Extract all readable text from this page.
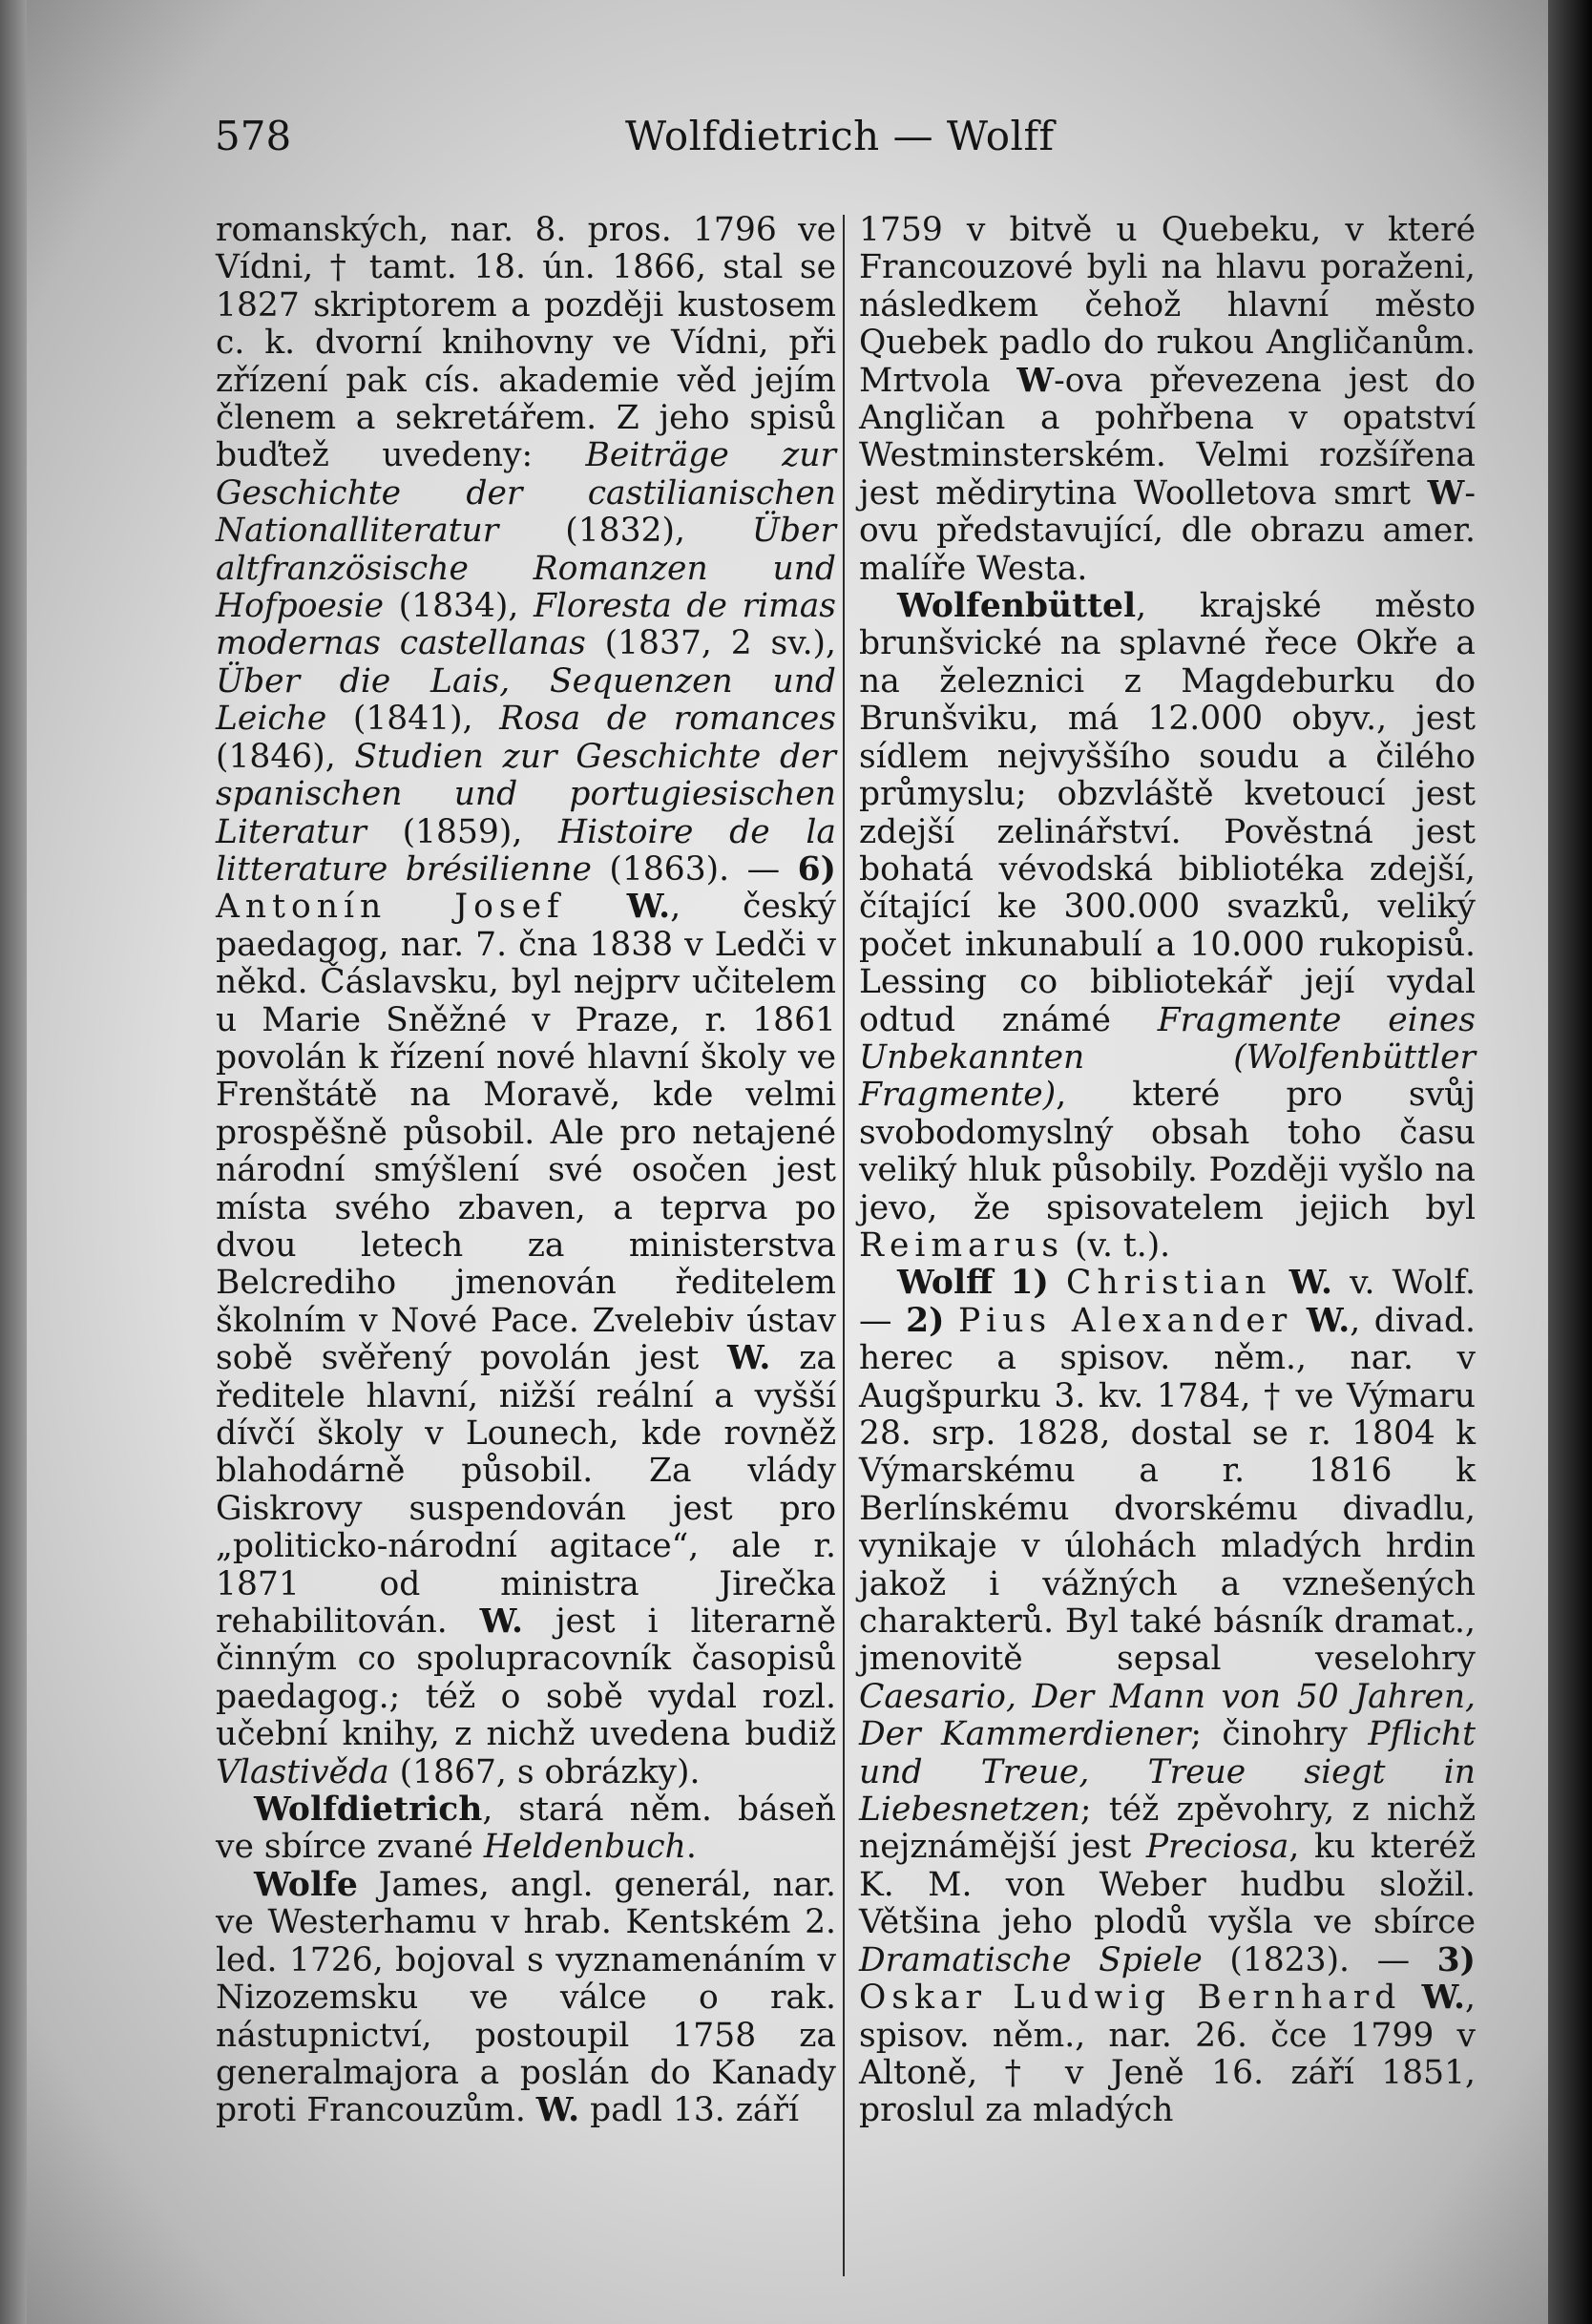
578	Wolfdietrich — Wolff

romanských, nar. 8. pros. 1796 ve Vídni, † tamt. 18. ún. 1866, stal se 1827 skriptorem a později kustosem c. k. dvorní knihovny ve Vídni, při zřízení pak cís. akademie věd jejím členem a sekretářem. Z jeho spisů buďtež uvedeny: Beiträge zur Geschichte der castilianischen Nationalliteratur (1832), Über altfranzösische Romanzen und Hofpoesie (1834), Floresta de rimas modernas castellanas (1837, 2 sv.), Über die Lais, Sequenzen und Leiche (1841), Rosa de romances (1846), Studien zur Geschichte der spanischen und portugiesischen Literatur (1859), Histoire de la litterature brésilienne (1863). — 6) Antonín Josef W., český paedagog, nar. 7. čna 1838 v Ledči v někd. Čáslavsku, byl nejprv učitelem u Marie Sněžné v Praze, r. 1861 povolán k řízení nové hlavní školy ve Frenštátě na Moravě, kde velmi prospěšně působil. Ale pro netajené národní smýšlení své osočen jest místa svého zbaven, a teprva po dvou letech za ministerstva Belcrediho jmenován ředitelem školním v Nové Pace. Zvelebiv ústav sobě svěřený povolán jest W. za ředitele hlavní, nižší reální a vyšší dívčí školy v Lounech, kde rovněž blahodárně působil. Za vlády Giskrovy suspendován jest pro „politicko-národní agitace“, ale r. 1871 od ministra Jirečka rehabilitován. W. jest i literarně činným co spolupracovník časopisů paedagog.; též o sobě vydal rozl. učební knihy, z nichž uvedena budiž Vlastivěda (1867, s obrázky).

Wolfdietrich, stará něm. báseň ve sbírce zvané Heldenbuch.

Wolfe James, angl. generál, nar. ve Westerhamu v hrab. Kentském 2. led. 1726, bojoval s vyznamenáním v Nizozemsku ve válce o rak. nástupnictví, postoupil 1758 za generalmajora a poslán do Kanady proti Francouzům. W. padl 13. září

1759 v bitvě u Quebeku, v které Francouzové byli na hlavu poraženi, následkem čehož hlavní město Quebek padlo do rukou Angličanům. Mrtvola W-ova převezena jest do Angličan a pohřbena v opatství Westminsterském. Velmi rozšířena jest mědirytina Woolletova smrt W-ovu představující, dle obrazu amer. malíře Westa.

Wolfenbüttel, krajské město brunšvické na splavné řece Okře a na železnici z Magdeburku do Brunšviku, má 12.000 obyv., jest sídlem nejvyššího soudu a čilého průmyslu; obzvláště kvetoucí jest zdejší zelinářství. Pověstná jest bohatá vévodská bibliotéka zdejší, čítající ke 300.000 svazků, veliký počet inkunabulí a 10.000 rukopisů. Lessing co bibliotekář její vydal odtud známé Fragmente eines Unbekannten (Wolfenbüttler Fragmente), které pro svůj svobodomyslný obsah toho času veliký hluk působily. Později vyšlo na jevo, že spisovatelem jejich byl Reimarus (v. t.).

Wolff 1) Christian W. v. Wolf. — 2) Pius Alexander W., divad. herec a spisov. něm., nar. v Augšpurku 3. kv. 1784, † ve Výmaru 28. srp. 1828, dostal se r. 1804 k Výmarskému a r. 1816 k Berlínskému dvorskému divadlu, vynikaje v úlohách mladých hrdin jakož i vážných a vznešených charakterů. Byl také básník dramat., jmenovitě sepsal veselohry Caesario, Der Mann von 50 Jahren, Der Kammerdiener; činohry Pflicht und Treue, Treue siegt in Liebesnetzen; též zpěvohry, z nichž nejznámější jest Preciosa, ku kteréž K. M. von Weber hudbu složil. Většina jeho plodů vyšla ve sbírce Dramatische Spiele (1823). — 3) Oskar Ludwig Bernhard W., spisov. něm., nar. 26. čce 1799 v Altoně, † v Jeně 16. září 1851, proslul za mladých
